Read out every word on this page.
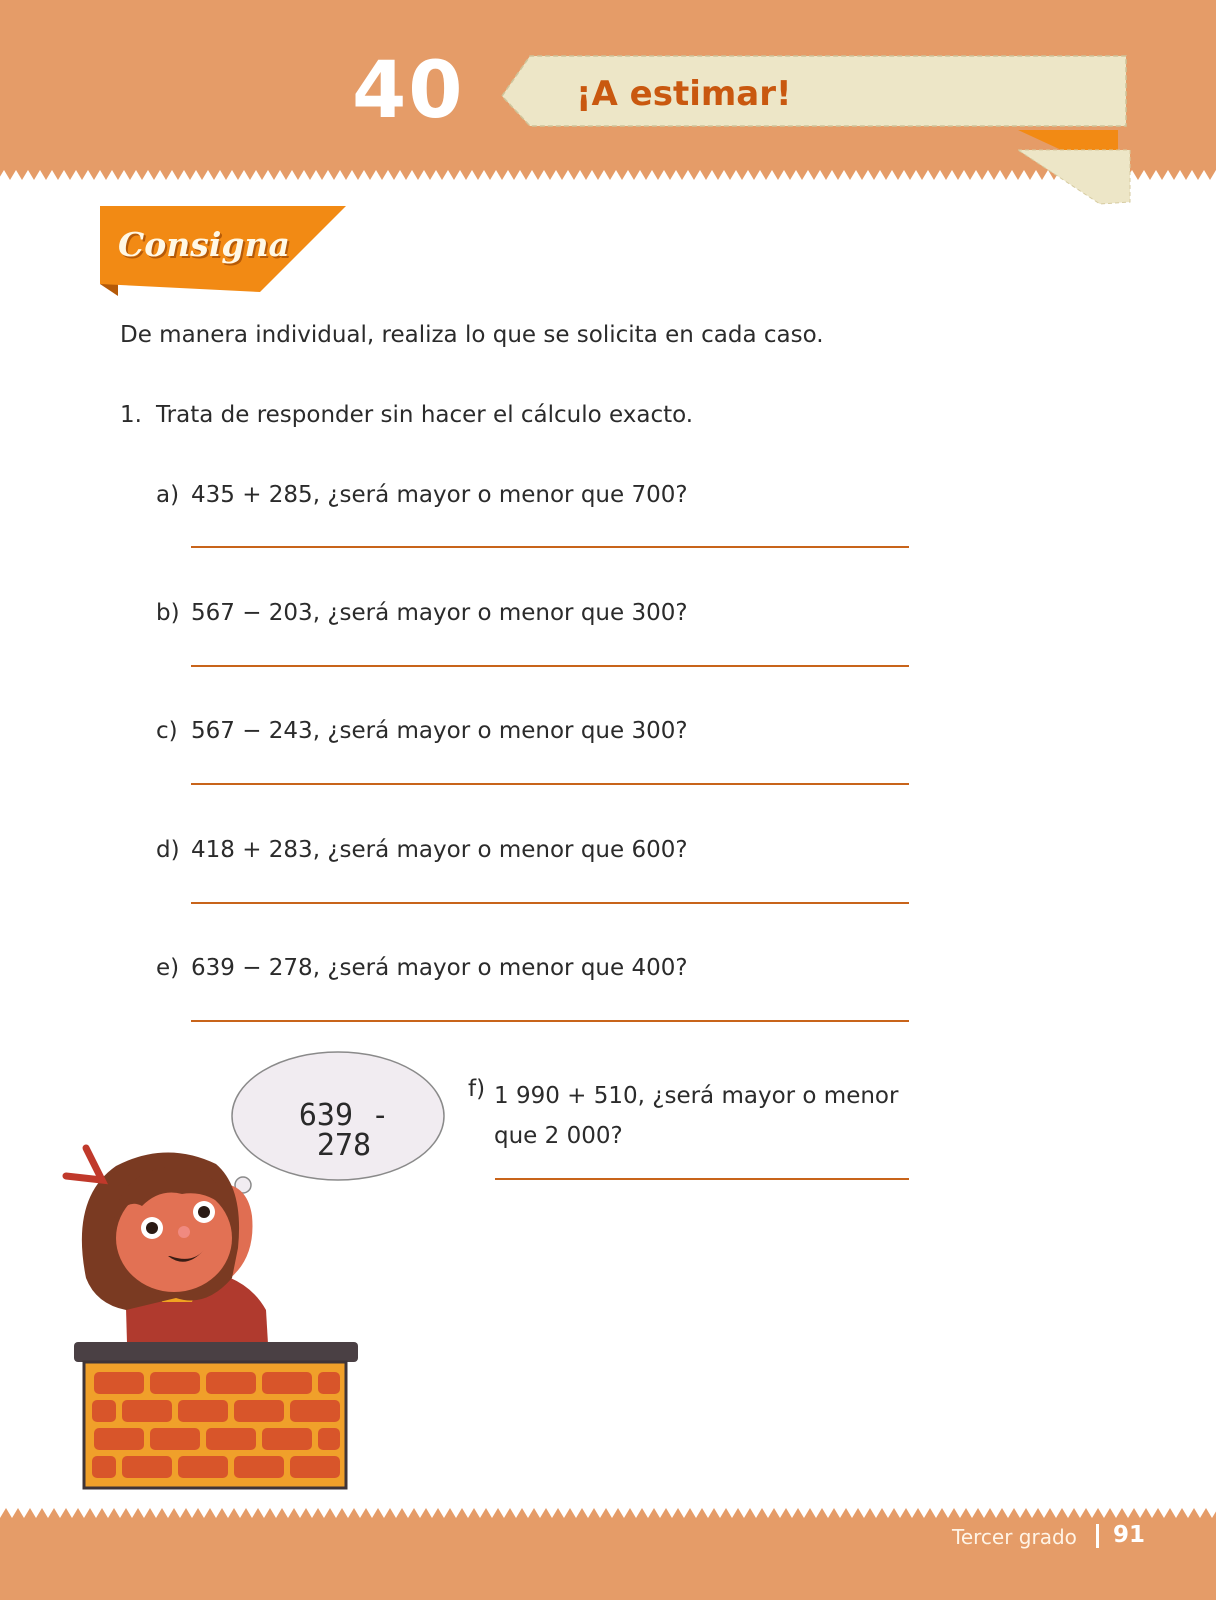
40	¡A estimar!
Consigna
De manera individual, realiza lo que se solicita en cada caso.
1. Trata de responder sin hacer el cálculo exacto.
a) 435 + 285, ¿será mayor o menor que 700?
b) 567 − 203, ¿será mayor o menor que 300?
c) 567 − 243, ¿será mayor o menor que 300?
d) 418 + 283, ¿será mayor o menor que 600?
e) 639 − 278, ¿será mayor o menor que 400?
f) 1 990 + 510, ¿será mayor o menor
que 2 000?
639 - 278
Tercer grado 91
